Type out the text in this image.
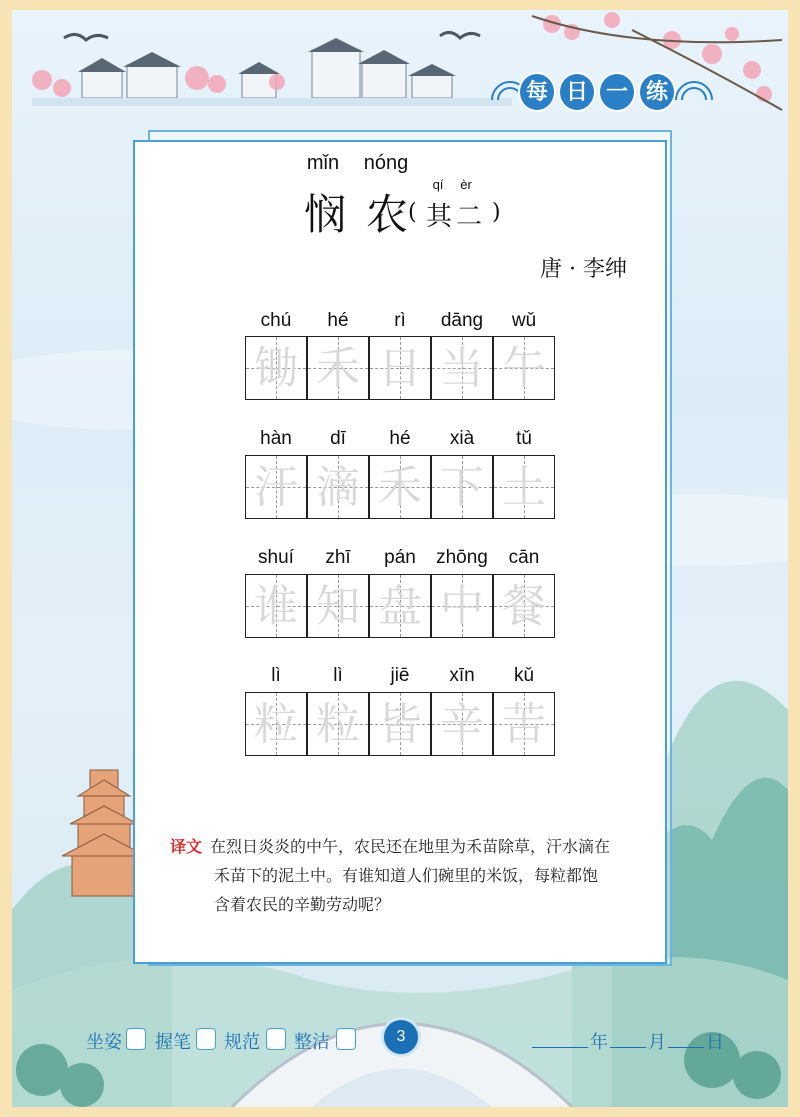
每 日 一 练
mǐn	nóng
悯 农
qí	èr
( 其 二 )
唐 · 李绅
chú	hé	rì	dāng	wǔ
锄 禾 日 当 午
hàn	dī	hé	xià	tǔ
汗 滴 禾 下 土
shuí	zhī	pán	zhōng	cān
谁 知 盘 中 餐
lì	lì	jiē	xīn	kǔ
粒 粒 皆 辛 苦
译文 在烈日炎炎的中午，农民还在地里为禾苗除草，汗水滴在
禾苗下的泥土中。有谁知道人们碗里的米饭，每粒都饱
含着农民的辛勤劳动呢？
坐姿 握笔 规范 整洁	3	年 月 日
